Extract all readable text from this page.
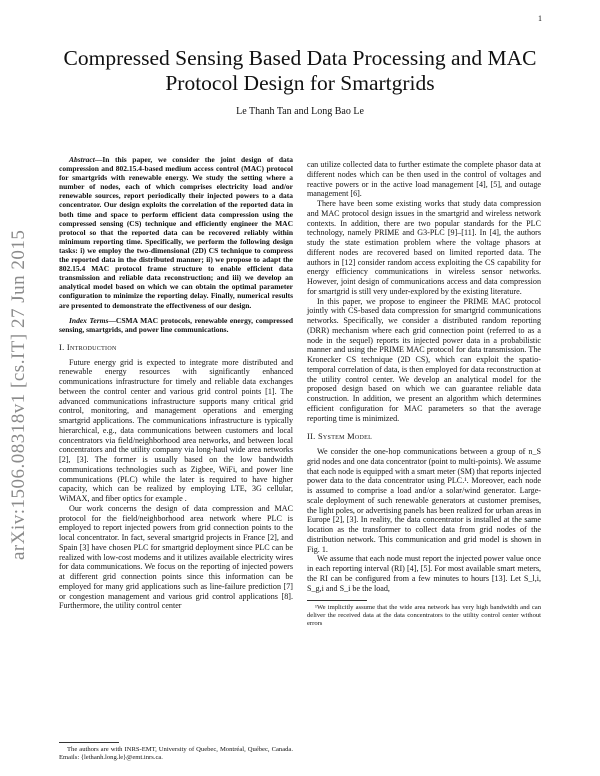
1
arXiv:1506.08318v1 [cs.IT] 27 Jun 2015
Compressed Sensing Based Data Processing and MAC Protocol Design for Smartgrids

Le Thanh Tan and Long Bao Le

Abstract—In this paper, we consider the joint design of data compression and 802.15.4-based medium access control (MAC) protocol for smartgrids with renewable energy. We study the setting where a number of nodes, each of which comprises electricity load and/or renewable sources, report periodically their injected powers to a data concentrator. Our design exploits the correlation of the reported data in both time and space to perform efficient data compression using the compressed sensing (CS) technique and efficiently engineer the MAC protocol so that the reported data can be recovered reliably within minimum reporting time. Specifically, we perform the following design tasks: i) we employ the two-dimensional (2D) CS technique to compress the reported data in the distributed manner; ii) we propose to adapt the 802.15.4 MAC protocol frame structure to enable efficient data transmission and reliable data reconstruction; and iii) we develop an analytical model based on which we can obtain the optimal parameter configuration to minimize the reporting delay. Finally, numerical results are presented to demonstrate the effectiveness of our design.

Index Terms—CSMA MAC protocols, renewable energy, compressed sensing, smartgrids, and power line communications.

I. Introduction

Future energy grid is expected to integrate more distributed and renewable energy resources with significantly enhanced communications infrastructure for timely and reliable data exchanges between the control center and various grid control points [1]. The advanced communications infrastructure supports many critical grid control, monitoring, and management operations and emerging smartgrid applications. The communications infrastructure is typically hierarchical, e.g., data communications between customers and local concentrators via field/neighborhood area networks, and between local concentrators and the utility company via long-haul wide area networks [2], [3]. The former is usually based on the low bandwidth communications technologies such as Zigbee, WiFi, and power line communications (PLC) while the later is required to have higher capacity, which can be realized by employing LTE, 3G cellular, WiMAX, and fiber optics for example .

Our work concerns the design of data compression and MAC protocol for the field/neighborhood area network where PLC is employed to report injected powers from grid connection points to the local concentrator. In fact, several smartgrid projects in France [2], and Spain [3] have chosen PLC for smartgrid deployment since PLC can be realized with low-cost modems and it utilizes available electricity wires for data communications. We focus on the reporting of injected powers at different grid connection points since this information can be employed for many grid applications such as line-failure prediction [7] or congestion management and various grid control applications [8]. Furthermore, the utility control center

The authors are with INRS-EMT, University of Quebec, Montréal, Québec, Canada. Emails: {lethanh.long.le}@emt.inrs.ca.

can utilize collected data to further estimate the complete phasor data at different nodes which can be then used in the control of voltages and reactive powers or in the active load management [4], [5], and outage management [6].

There have been some existing works that study data compression and MAC protocol design issues in the smartgrid and wireless network contexts. In addition, there are two popular standards for the PLC technology, namely PRIME and G3-PLC [9]–[11]. In [4], the authors study the state estimation problem where the voltage phasors at different nodes are recovered based on limited reported data. The authors in [12] consider random access exploiting the CS capability for energy efficiency communications in wireless sensor networks. However, joint design of communications access and data compression for smartgrid is still very under-explored by the existing literature.

In this paper, we propose to engineer the PRIME MAC protocol jointly with CS-based data compression for smartgrid communications networks. Specifically, we consider a distributed random reporting (DRR) mechanism where each grid connection point (referred to as a node in the sequel) reports its injected power data in a probabilistic manner and using the PRIME MAC protocol for data transmission. The Kronecker CS technique (2D CS), which can exploit the spatio-temporal correlation of data, is then employed for data reconstruction at the utility control center. We develop an analytical model for the proposed design based on which we can guarantee reliable data construction. In addition, we present an algorithm which determines efficient configuration for MAC parameters so that the average reporting time is minimized.

II. System Model

We consider the one-hop communications between a group of n_S grid nodes and one data concentrator (point to multi-points). We assume that each node is equipped with a smart meter (SM) that reports injected power data to the data concentrator using PLC.¹. Moreover, each node is assumed to comprise a load and/or a solar/wind generator. Large-scale deployment of such renewable generators at customer premises, the light poles, or advertising panels has been realized for urban areas in Europe [2], [3]. In reality, the data concentrator is installed at the same location as the transformer to collect data from grid nodes of the distribution network. This communication and grid model is shown in Fig. 1.

We assume that each node must report the injected power value once in each reporting interval (RI) [4], [5]. For most available smart meters, the RI can be configured from a few minutes to hours [13]. Let S_l,i, S_g,i and S_i be the load,

¹We implicitly assume that the wide area network has very high bandwidth and can deliver the received data at the data concentrators to the utility control center without errors
